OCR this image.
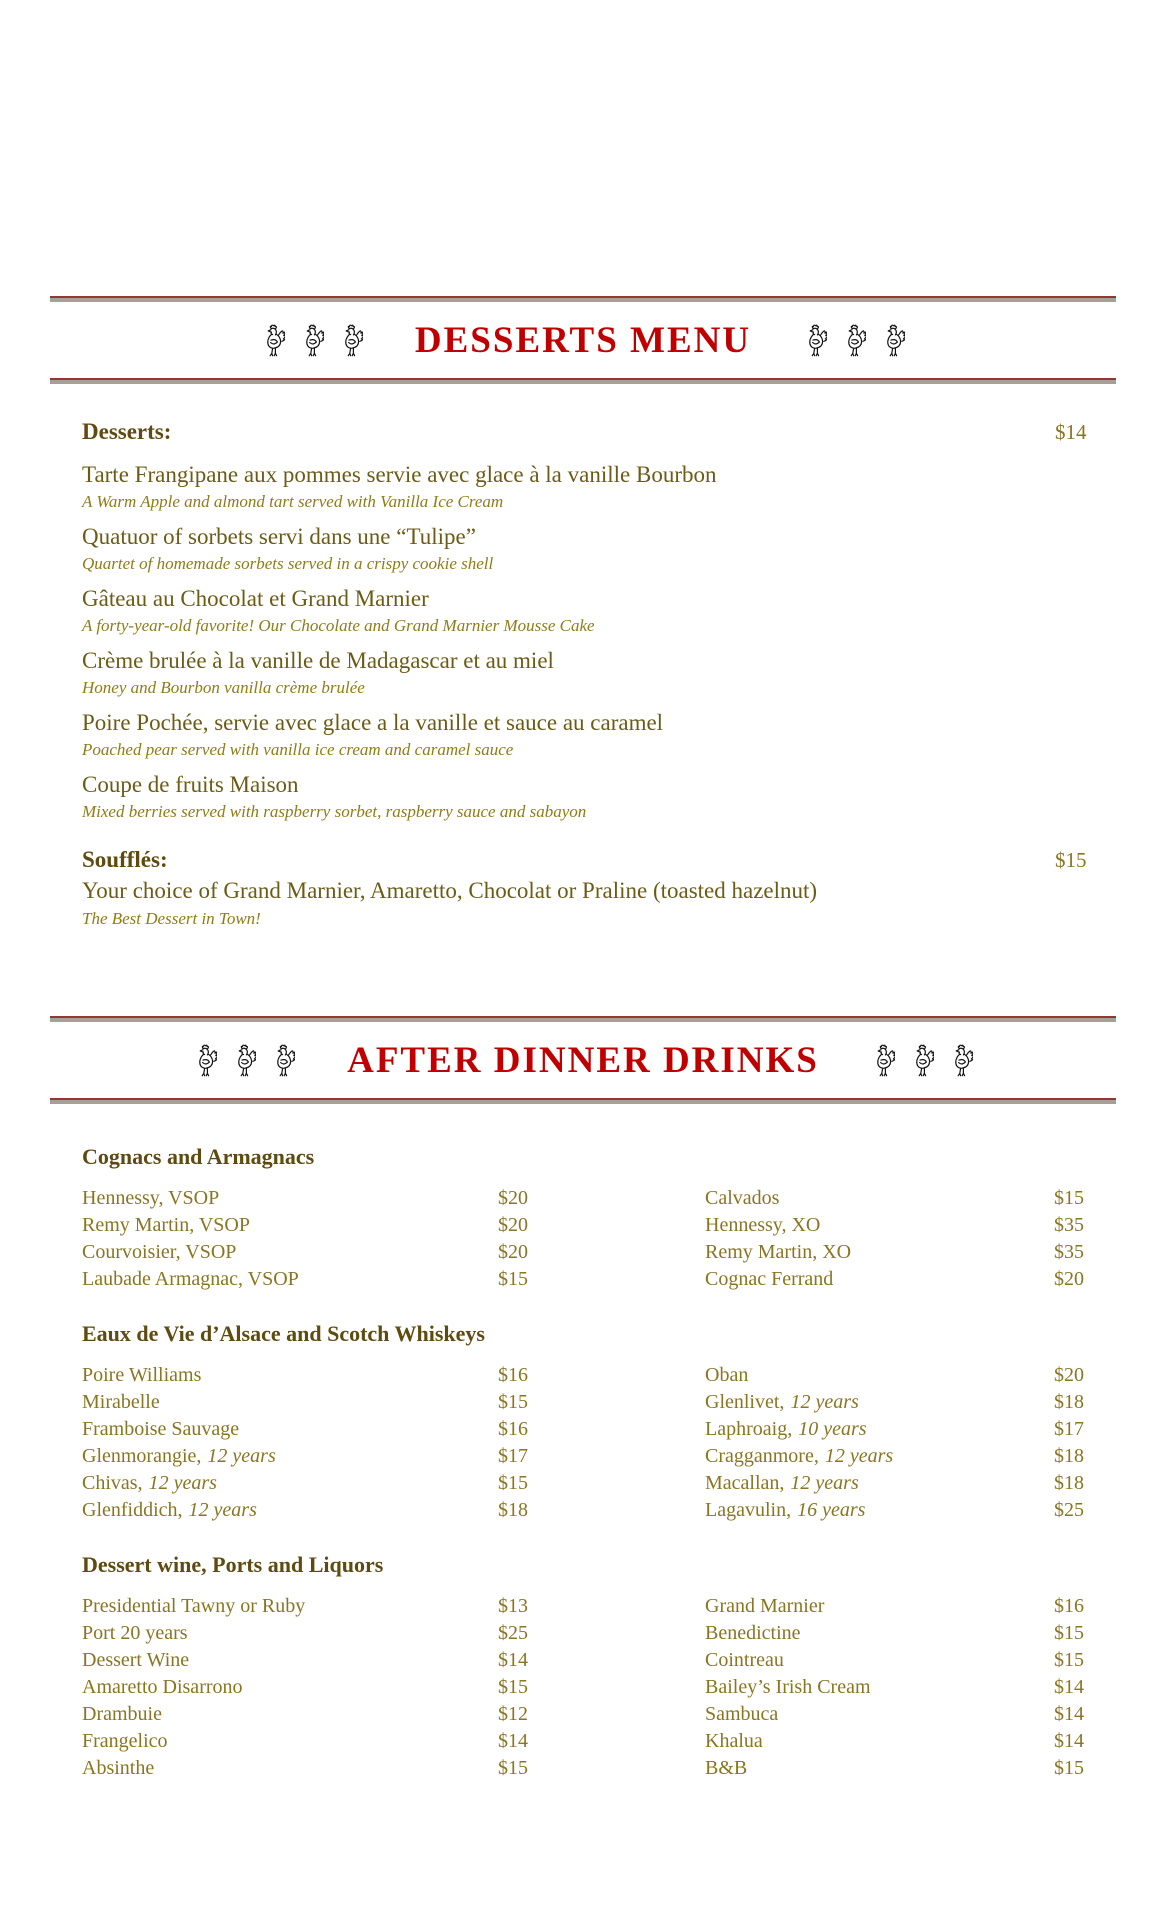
DESSERTS MENU
Desserts:	$14
Tarte Frangipane aux pommes servie avec glace à la vanille Bourbon
A Warm Apple and almond tart served with Vanilla Ice Cream
Quatuor of sorbets servi dans une “Tulipe”
Quartet of homemade sorbets served in a crispy cookie shell
Gâteau au Chocolat et Grand Marnier
A forty-year-old favorite! Our Chocolate and Grand Marnier Mousse Cake
Crème brulée à la vanille de Madagascar et au miel
Honey and Bourbon vanilla crème brulée
Poire Pochée, servie avec glace a la vanille et sauce au caramel
Poached pear served with vanilla ice cream and caramel sauce
Coupe de fruits Maison
Mixed berries served with raspberry sorbet, raspberry sauce and sabayon
Soufflés:	$15
Your choice of Grand Marnier, Amaretto, Chocolat or Praline (toasted hazelnut)
The Best Dessert in Town!
AFTER DINNER DRINKS
Cognacs and Armagnacs
Hennessy, VSOP	$20
Remy Martin, VSOP	$20
Courvoisier, VSOP	$20
Laubade Armagnac, VSOP	$15
Calvados	$15
Hennessy, XO	$35
Remy Martin, XO	$35
Cognac Ferrand	$20
Eaux de Vie d’Alsace and Scotch Whiskeys
Poire Williams	$16
Mirabelle	$15
Framboise Sauvage	$16
Glenmorangie, 12 years	$17
Chivas, 12 years	$15
Glenfiddich, 12 years	$18
Oban	$20
Glenlivet, 12 years	$18
Laphroaig, 10 years	$17
Cragganmore, 12 years	$18
Macallan, 12 years	$18
Lagavulin, 16 years	$25
Dessert wine, Ports and Liquors
Presidential Tawny or Ruby	$13
Port 20 years	$25
Dessert Wine	$14
Amaretto Disarrono	$15
Drambuie	$12
Frangelico	$14
Absinthe	$15
Grand Marnier	$16
Benedictine	$15
Cointreau	$15
Bailey’s Irish Cream	$14
Sambuca	$14
Khalua	$14
B&B	$15
